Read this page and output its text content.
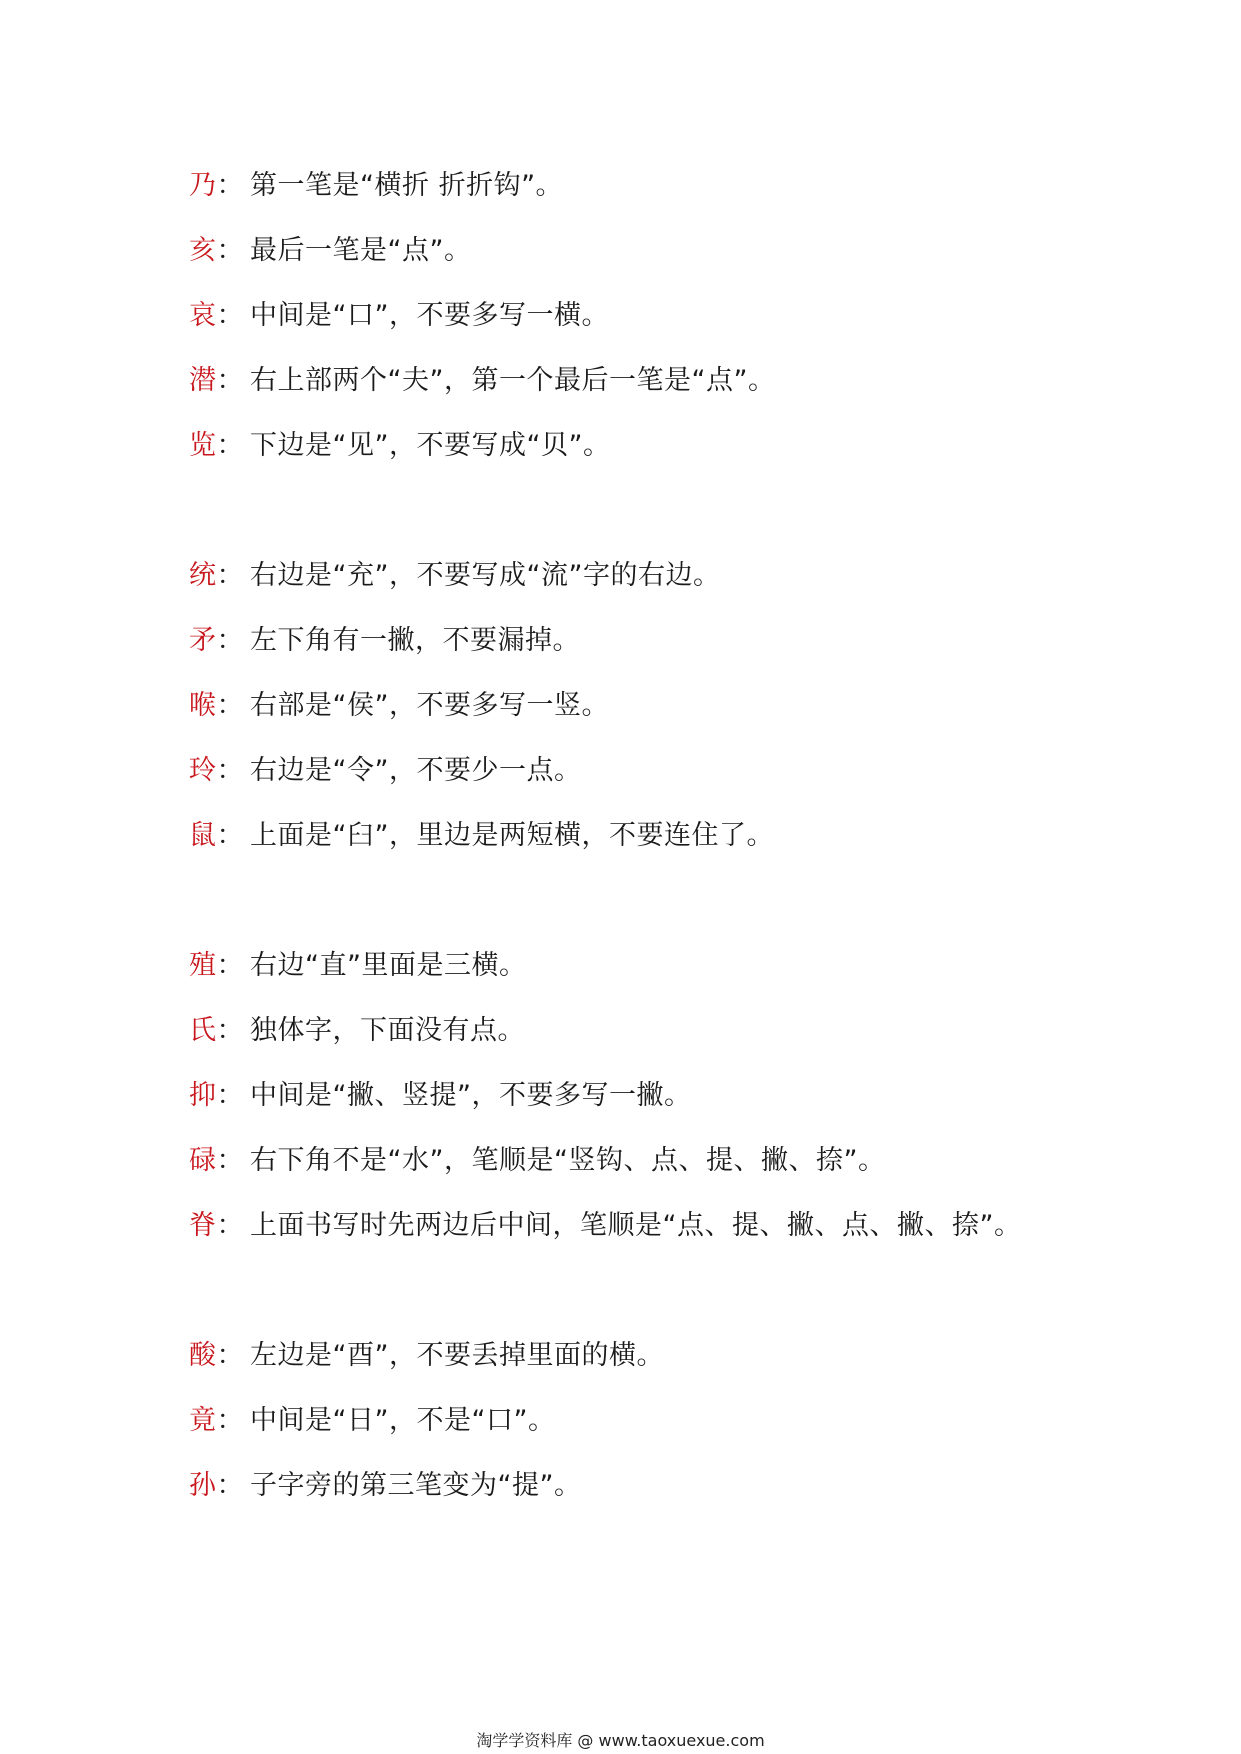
乃： 第一笔是“横折 折折钩”。
亥： 最后一笔是“点”。
哀： 中间是“口”，不要多写一横。
潜： 右上部两个“夫”，第一个最后一笔是“点”。
览： 下边是“见”，不要写成“贝”。
统： 右边是“充”，不要写成“流”字的右边。
矛： 左下角有一撇，不要漏掉。
喉： 右部是“侯”，不要多写一竖。
玲： 右边是“令”，不要少一点。
鼠： 上面是“臼”，里边是两短横，不要连住了。
殖： 右边“直”里面是三横。
氏： 独体字，下面没有点。
抑： 中间是“撇、竖提”，不要多写一撇。
碌： 右下角不是“水”，笔顺是“竖钩、点、提、撇、捺”。
脊： 上面书写时先两边后中间，笔顺是“点、提、撇、点、撇、捺”。
酸： 左边是“酉”，不要丢掉里面的横。
竟： 中间是“日”，不是“口”。
孙： 子字旁的第三笔变为“提”。
淘学学资料库 @ www.taoxuexue.com
